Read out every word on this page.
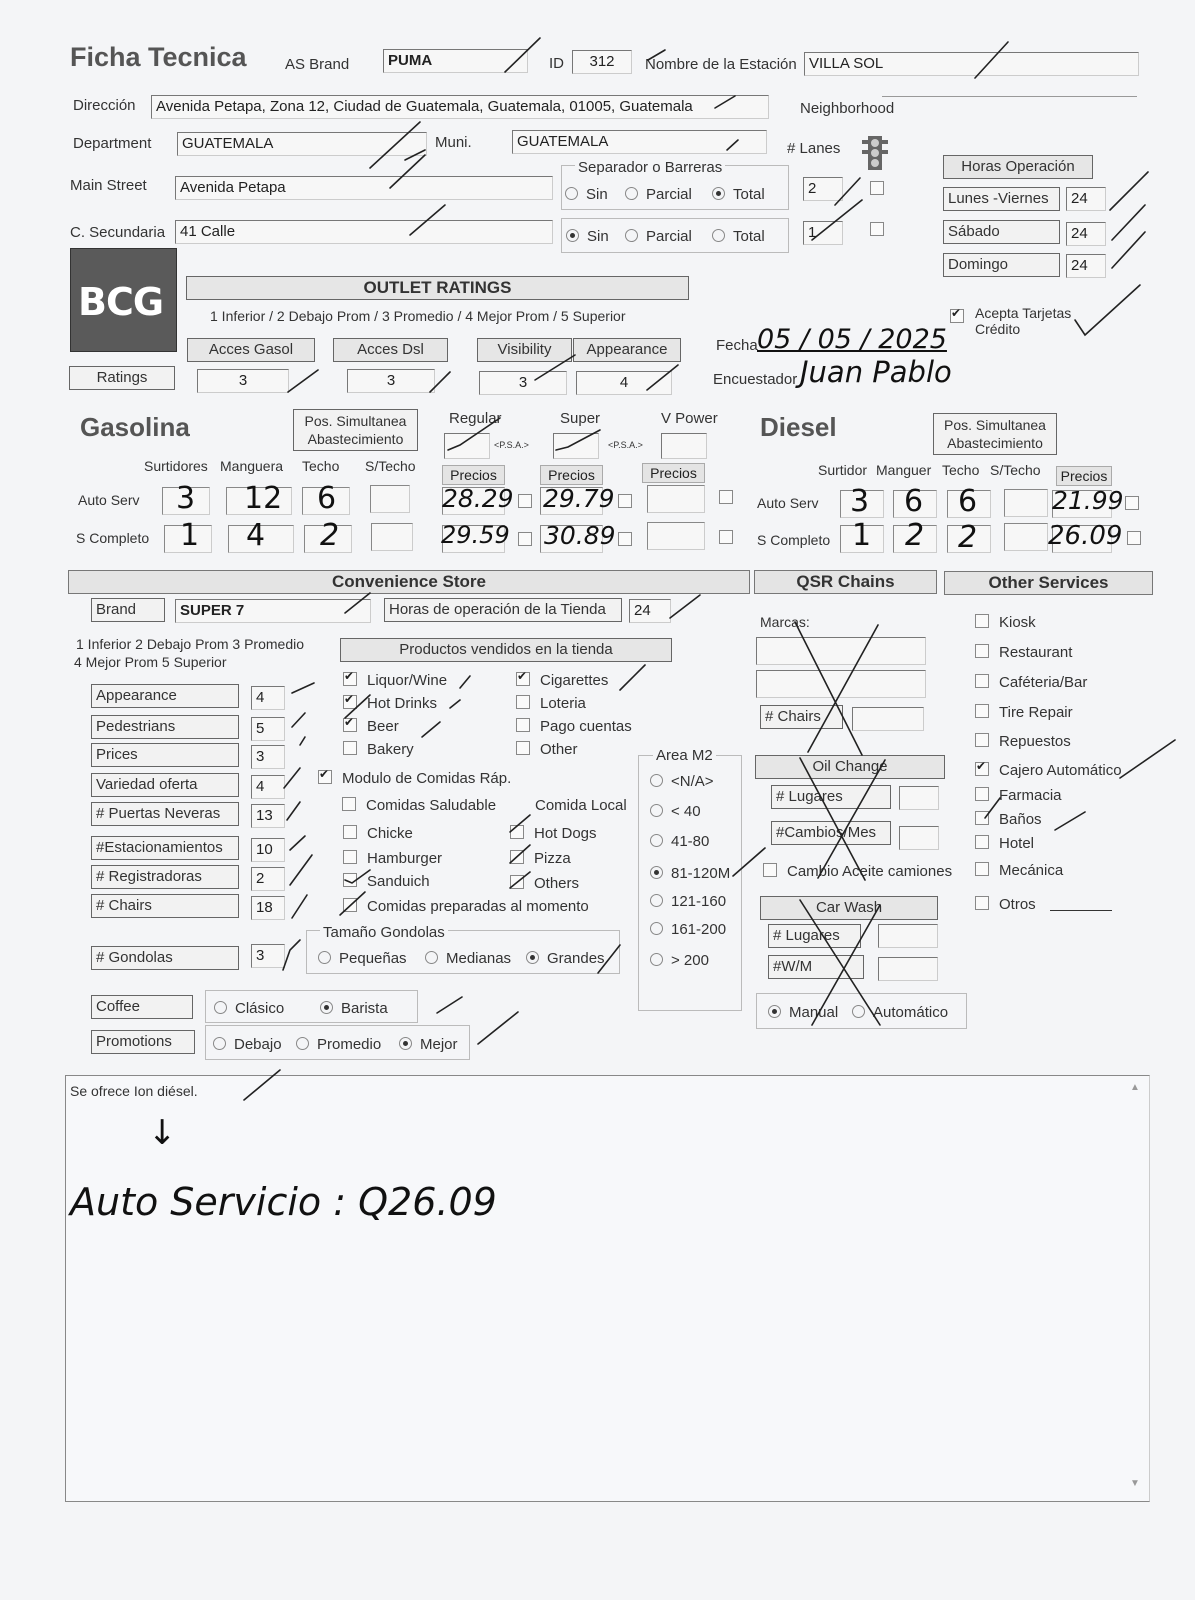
Ficha Tecnica	AS Brand	PUMA	ID	312	Nombre de la Estación VILLA SOL
Dirección	Avenida Petapa, Zona 12, Ciudad de Guatemala, Guatemala, 01005, Guatemala	Neighborhood
Department	GUATEMALA	Muni.	GUATEMALA
Main Street	Avenida Petapa
C. Secundaria 41 Calle
Separador o Barreras
Sin	Parcial	Total
Sin	Parcial	Total
# Lanes
2
1
Horas Operación
Lunes -Viernes	24
Sábado	24
Domingo	24
BCG	OUTLET RATINGS
1 Inferior / 2 Debajo Prom / 3 Promedio / 4 Mejor Prom / 5 Superior
Acces Gasol	Acces Dsl	Visibility	Appearance
Ratings	3	3	3	4
✔
Acepta Tarjetas Crédito
Fecha 05 / 05 / 2025
Encuestador Juan Pablo
Gasolina	Pos. Simultanea Abastecimiento
Regular	Super	V Power
<P.S.A.>	<P.S.A.>
Surtidores Manguera Techo S/Techo
Precios	Precios	Precios
Auto Serv 3 12 6	28.29 29.79
S Completo 1 4 2	29.59 30.89
Diesel	Pos. Simultanea Abastecimiento
Surtidor Manguer Techo S/Techo	Precios
Auto Serv 3 6 6	21.99
S Completo 1 2 2	26.09
Convenience Store	QSR Chains	Other Services
Brand	SUPER 7	Horas de operación de la Tienda	24
1 Inferior 2 Debajo Prom 3 Promedio
4 Mejor Prom 5 Superior
Appearance	4
Pedestrians	5
Prices	3
Variedad oferta	4
# Puertas Neveras	13
#Estacionamientos	10
# Registradoras	2
# Chairs	18
# Gondolas	3
Productos vendidos en la tienda
✔Liquor/Wine
✔Hot Drinks
✔Beer
Bakery
✔Cigarettes
Loteria
Pago cuentas
Other
✔Modulo de Comidas Ráp.
Comidas Saludable	Comida Local
Chicke
Hamburger
Sanduich
Comidas preparadas al momento
Hot Dogs
Pizza
Others
Tamaño Gondolas
Pequeñas	Medianas	Grandes
Coffee	Clásico	Barista
Promotions	Debajo	Promedio	Mejor
Area M2
<N/A>
< 40
41-80
81-120M
121-160
161-200
> 200
Marcas:
# Chairs
Oil Change
# Lugares
#Cambios/Mes
Cambio Aceite camiones
Car Wash
# Lugares
#W/M
Manual	Automático
Kiosk
Restaurant
Caféteria/Bar
Tire Repair
Repuestos
✔Cajero Automático
Farmacia
Baños
Hotel
Mecánica
Otros
▲
▼
Se ofrece Ion diésel.
↓
Auto Servicio : Q26.09
